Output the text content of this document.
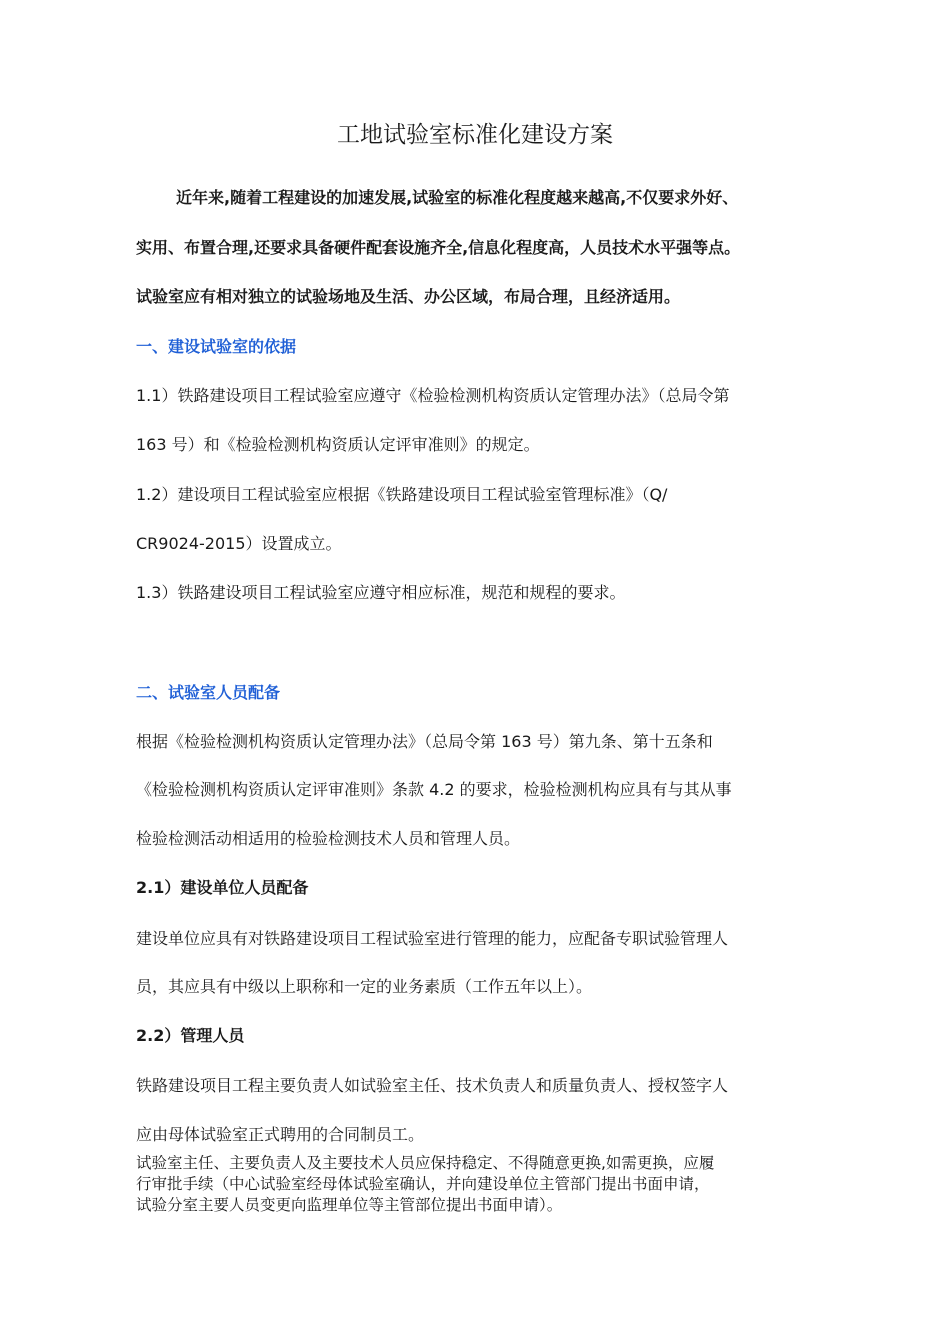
工地试验室标准化建设方案
近年来,随着工程建设的加速发展,试验室的标准化程度越来越高,不仅要求外好、
实用、布置合理,还要求具备硬件配套设施齐全,信息化程度高，人员技术水平强等点。
试验室应有相对独立的试验场地及生活、办公区域，布局合理，且经济适用。
一、建设试验室的依据
1.1）铁路建设项目工程试验室应遵守《检验检测机构资质认定管理办法》（总局令第
163 号）和《检验检测机构资质认定评审准则》的规定。
1.2）建设项目工程试验室应根据《铁路建设项目工程试验室管理标准》（Q/
CR9024-2015）设置成立。
1.3）铁路建设项目工程试验室应遵守相应标准，规范和规程的要求。
二、试验室人员配备
根据《检验检测机构资质认定管理办法》（总局令第 163 号）第九条、第十五条和
《检验检测机构资质认定评审准则》条款 4.2 的要求，检验检测机构应具有与其从事
检验检测活动相适用的检验检测技术人员和管理人员。
2.1）建设单位人员配备
建设单位应具有对铁路建设项目工程试验室进行管理的能力，应配备专职试验管理人
员，其应具有中级以上职称和一定的业务素质（工作五年以上）。
2.2）管理人员
铁路建设项目工程主要负责人如试验室主任、技术负责人和质量负责人、授权签字人
应由母体试验室正式聘用的合同制员工。
试验室主任、主要负责人及主要技术人员应保持稳定、不得随意更换,如需更换，应履
行审批手续（中心试验室经母体试验室确认，并向建设单位主管部门提出书面申请，
试验分室主要人员变更向监理单位等主管部位提出书面申请）。
